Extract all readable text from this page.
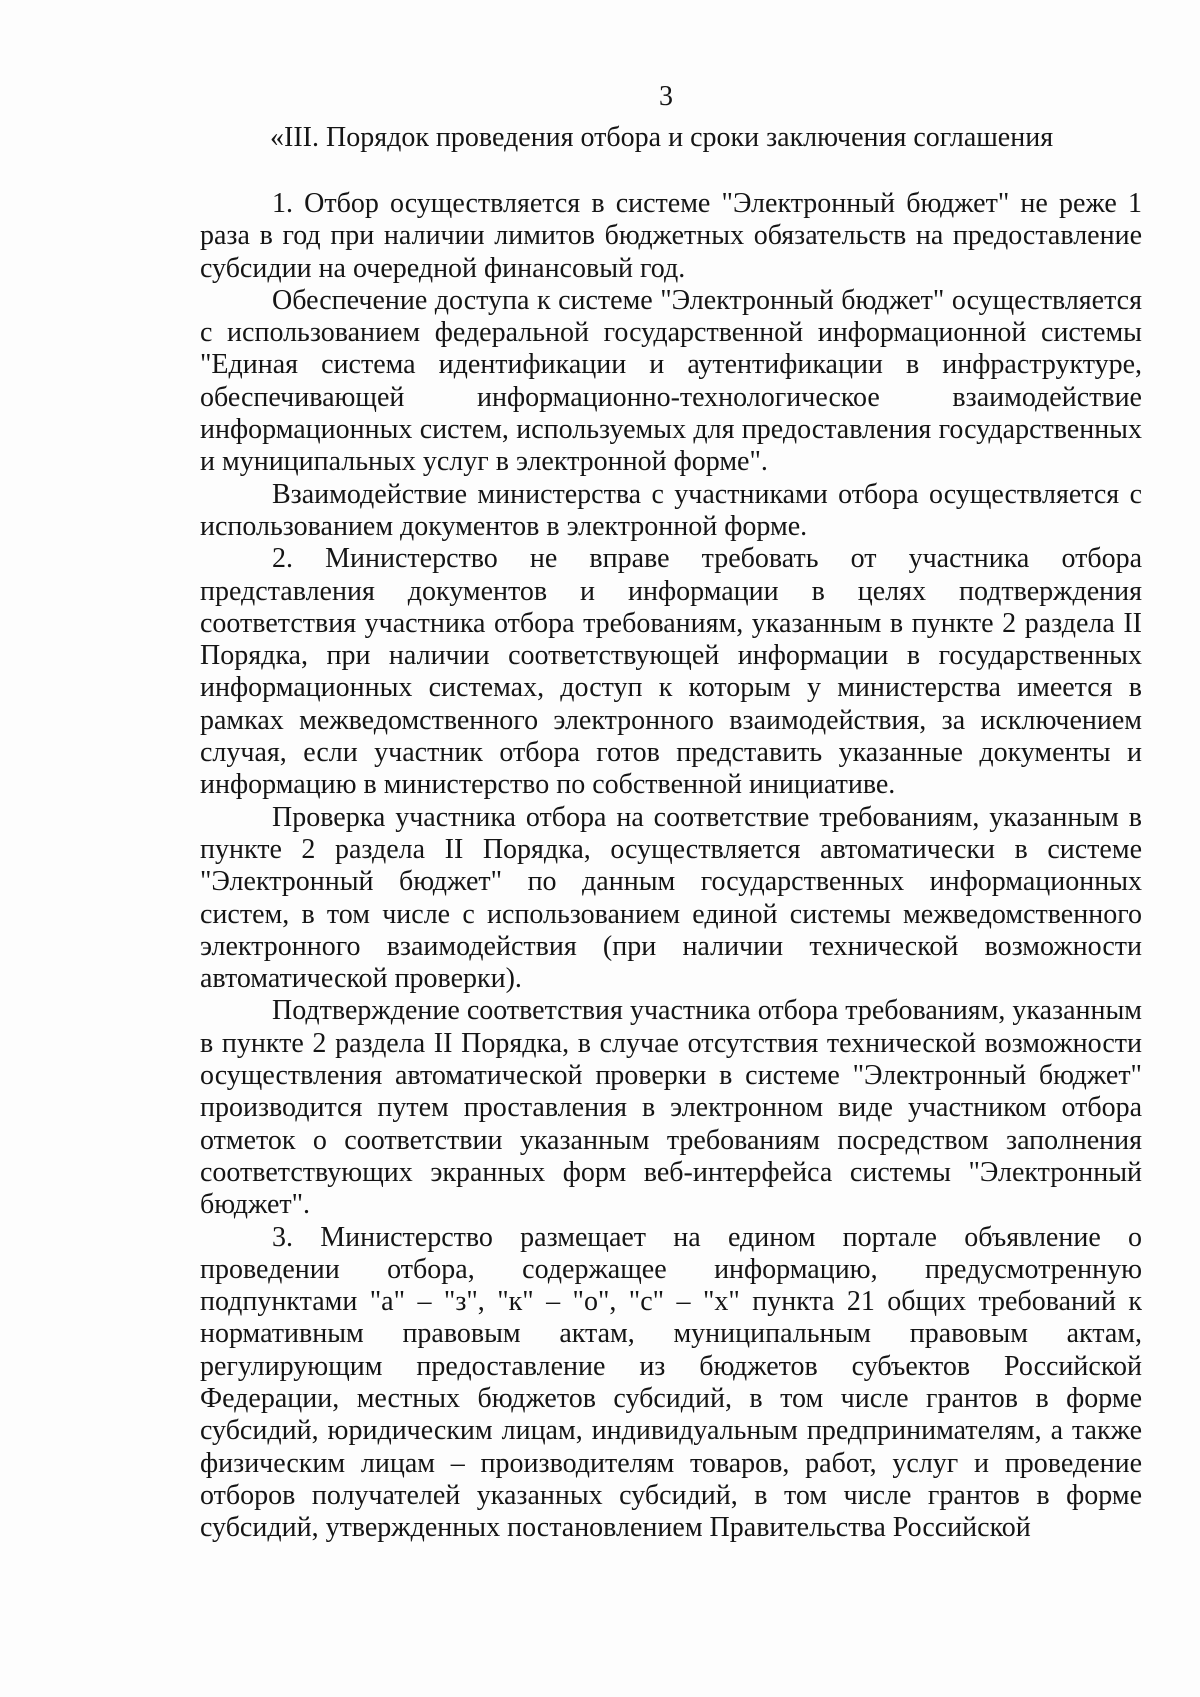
3
«III. Порядок проведения отбора и сроки заключения соглашения

1. Отбор осуществляется в системе "Электронный бюджет" не реже 1 раза в год при наличии лимитов бюджетных обязательств на предоставление субсидии на очередной финансовый год.

Обеспечение доступа к системе "Электронный бюджет" осуществляется с использованием федеральной государственной информационной системы "Единая система идентификации и аутентификации в инфраструктуре, обеспечивающей информационно-технологическое взаимодействие информационных систем, используемых для предоставления государственных и муниципальных услуг в электронной форме".

Взаимодействие министерства с участниками отбора осуществляется с использованием документов в электронной форме.

2. Министерство не вправе требовать от участника отбора представления документов и информации в целях подтверждения соответствия участника отбора требованиям, указанным в пункте 2 раздела II Порядка, при наличии соответствующей информации в государственных информационных системах, доступ к которым у министерства имеется в рамках межведомственного электронного взаимодействия, за исключением случая, если участник отбора готов представить указанные документы и информацию в министерство по собственной инициативе.

Проверка участника отбора на соответствие требованиям, указанным в пункте 2 раздела II Порядка, осуществляется автоматически в системе "Электронный бюджет" по данным государственных информационных систем, в том числе с использованием единой системы межведомственного электронного взаимодействия (при наличии технической возможности автоматической проверки).

Подтверждение соответствия участника отбора требованиям, указанным в пункте 2 раздела II Порядка, в случае отсутствия технической возможности осуществления автоматической проверки в системе "Электронный бюджет" производится путем проставления в электронном виде участником отбора отметок о соответствии указанным требованиям посредством заполнения соответствующих экранных форм веб-интерфейса системы "Электронный бюджет".

3. Министерство размещает на едином портале объявление о проведении отбора, содержащее информацию, предусмотренную подпунктами "а" – "з", "к" – "о", "с" – "х" пункта 21 общих требований к нормативным правовым актам, муниципальным правовым актам, регулирующим предоставление из бюджетов субъектов Российской Федерации, местных бюджетов субсидий, в том числе грантов в форме субсидий, юридическим лицам, индивидуальным предпринимателям, а также физическим лицам – производителям товаров, работ, услуг и проведение отборов получателей указанных субсидий, в том числе грантов в форме субсидий, утвержденных постановлением Правительства Российской
